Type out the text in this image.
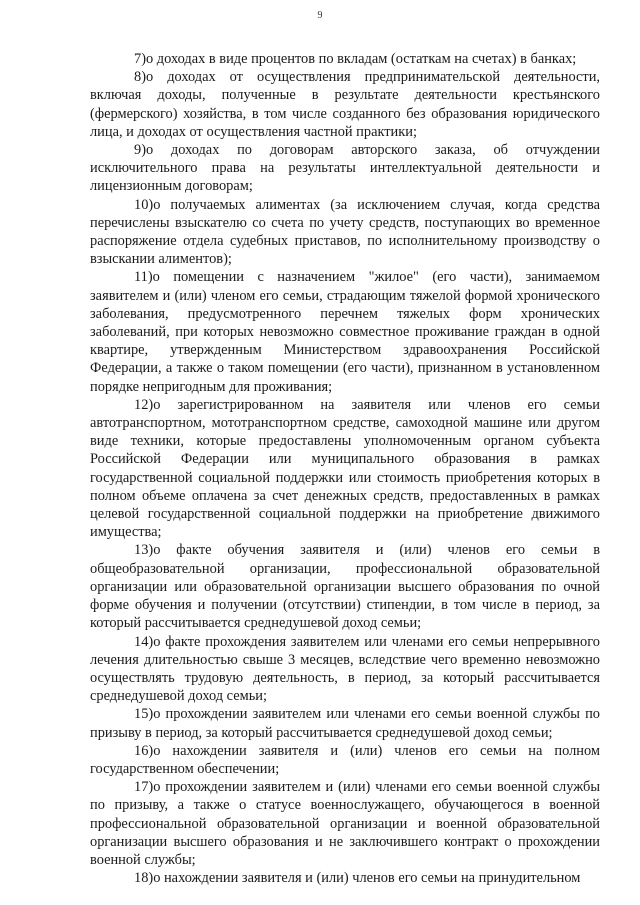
9

7)о доходах в виде процентов по вкладам (остаткам на счетах) в банках;

8)о доходах от осуществления предпринимательской деятельности, включая доходы, полученные в результате деятельности крестьянского (фермерского) хозяйства, в том числе созданного без образования юридического лица, и доходах от осуществления частной практики;

9)о доходах по договорам авторского заказа, об отчуждении исключительного права на результаты интеллектуальной деятельности и лицензионным договорам;

10)о получаемых алиментах (за исключением случая, когда средства перечислены взыскателю со счета по учету средств, поступающих во временное распоряжение отдела судебных приставов, по исполнительному производству о взыскании алиментов);

11)о помещении с назначением "жилое" (его части), занимаемом заявителем и (или) членом его семьи, страдающим тяжелой формой хронического заболевания, предусмотренного перечнем тяжелых форм хронических заболеваний, при которых невозможно совместное проживание граждан в одной квартире, утвержденным Министерством здравоохранения Российской Федерации, а также о таком помещении (его части), признанном в установленном порядке непригодным для проживания;

12)о зарегистрированном на заявителя или членов его семьи автотранспортном, мототранспортном средстве, самоходной машине или другом виде техники, которые предоставлены уполномоченным органом субъекта Российской Федерации или муниципального образования в рамках государственной социальной поддержки или стоимость приобретения которых в полном объеме оплачена за счет денежных средств, предоставленных в рамках целевой государственной социальной поддержки на приобретение движимого имущества;

13)о факте обучения заявителя и (или) членов его семьи в общеобразовательной организации, профессиональной образовательной организации или образовательной организации высшего образования по очной форме обучения и получении (отсутствии) стипендии, в том числе в период, за который рассчитывается среднедушевой доход семьи;

14)о факте прохождения заявителем или членами его семьи непрерывного лечения длительностью свыше 3 месяцев, вследствие чего временно невозможно осуществлять трудовую деятельность, в период, за который рассчитывается среднедушевой доход семьи;

15)о прохождении заявителем или членами его семьи военной службы по призыву в период, за который рассчитывается среднедушевой доход семьи;

16)о нахождении заявителя и (или) членов его семьи на полном государственном обеспечении;

17)о прохождении заявителем и (или) членами его семьи военной службы по призыву, а также о статусе военнослужащего, обучающегося в военной профессиональной образовательной организации и военной образовательной организации высшего образования и не заключившего контракт о прохождении военной службы;

18)о нахождении заявителя и (или) членов его семьи на принудительном
